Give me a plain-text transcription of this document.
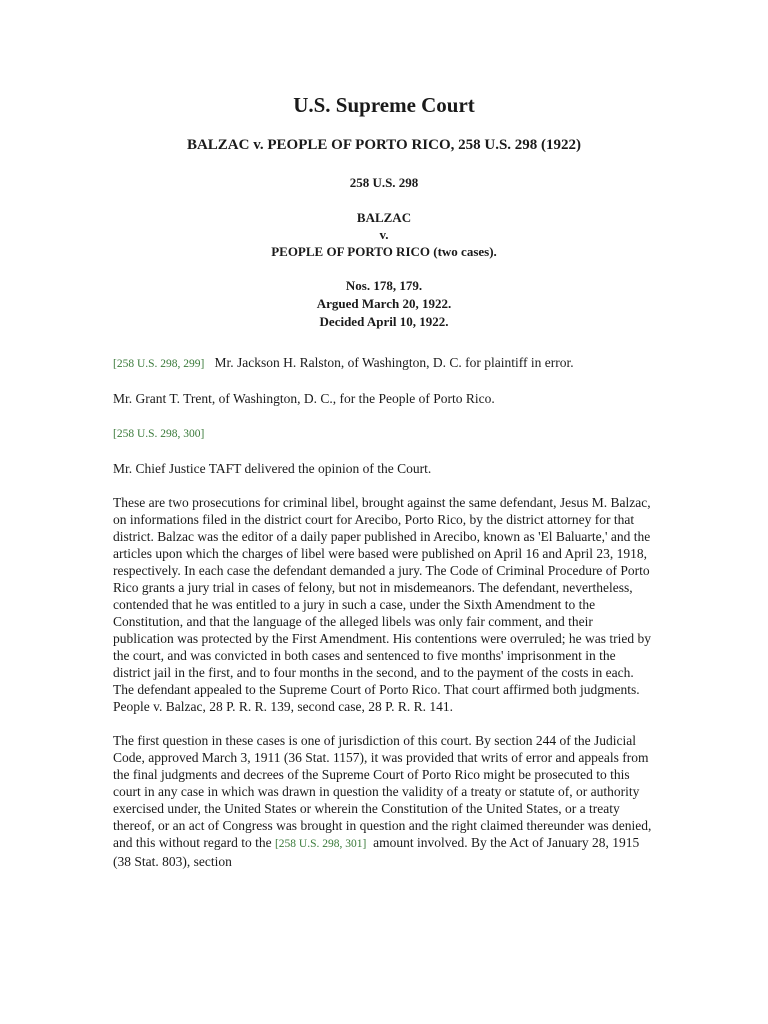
U.S. Supreme Court
BALZAC v. PEOPLE OF PORTO RICO, 258 U.S. 298 (1922)
258 U.S. 298
BALZAC
v.
PEOPLE OF PORTO RICO (two cases).
Nos. 178, 179.
Argued March 20, 1922.
Decided April 10, 1922.

[258 U.S. 298, 299] Mr. Jackson H. Ralston, of Washington, D. C. for plaintiff in error.

Mr. Grant T. Trent, of Washington, D. C., for the People of Porto Rico.

[258 U.S. 298, 300]

Mr. Chief Justice TAFT delivered the opinion of the Court.

These are two prosecutions for criminal libel, brought against the same defendant, Jesus M. Balzac, on informations filed in the district court for Arecibo, Porto Rico, by the district attorney for that district. Balzac was the editor of a daily paper published in Arecibo, known as 'El Baluarte,' and the articles upon which the charges of libel were based were published on April 16 and April 23, 1918, respectively. In each case the defendant demanded a jury. The Code of Criminal Procedure of Porto Rico grants a jury trial in cases of felony, but not in misdemeanors. The defendant, nevertheless, contended that he was entitled to a jury in such a case, under the Sixth Amendment to the Constitution, and that the language of the alleged libels was only fair comment, and their publication was protected by the First Amendment. His contentions were overruled; he was tried by the court, and was convicted in both cases and sentenced to five months' imprisonment in the district jail in the first, and to four months in the second, and to the payment of the costs in each. The defendant appealed to the Supreme Court of Porto Rico. That court affirmed both judgments. People v. Balzac, 28 P. R. R. 139, second case, 28 P. R. R. 141.

The first question in these cases is one of jurisdiction of this court. By section 244 of the Judicial Code, approved March 3, 1911 (36 Stat. 1157), it was provided that writs of error and appeals from the final judgments and decrees of the Supreme Court of Porto Rico might be prosecuted to this court in any case in which was drawn in question the validity of a treaty or statute of, or authority exercised under, the United States or wherein the Constitution of the United States, or a treaty thereof, or an act of Congress was brought in question and the right claimed thereunder was denied, and this without regard to the [258 U.S. 298, 301] amount involved. By the Act of January 28, 1915 (38 Stat. 803), section
